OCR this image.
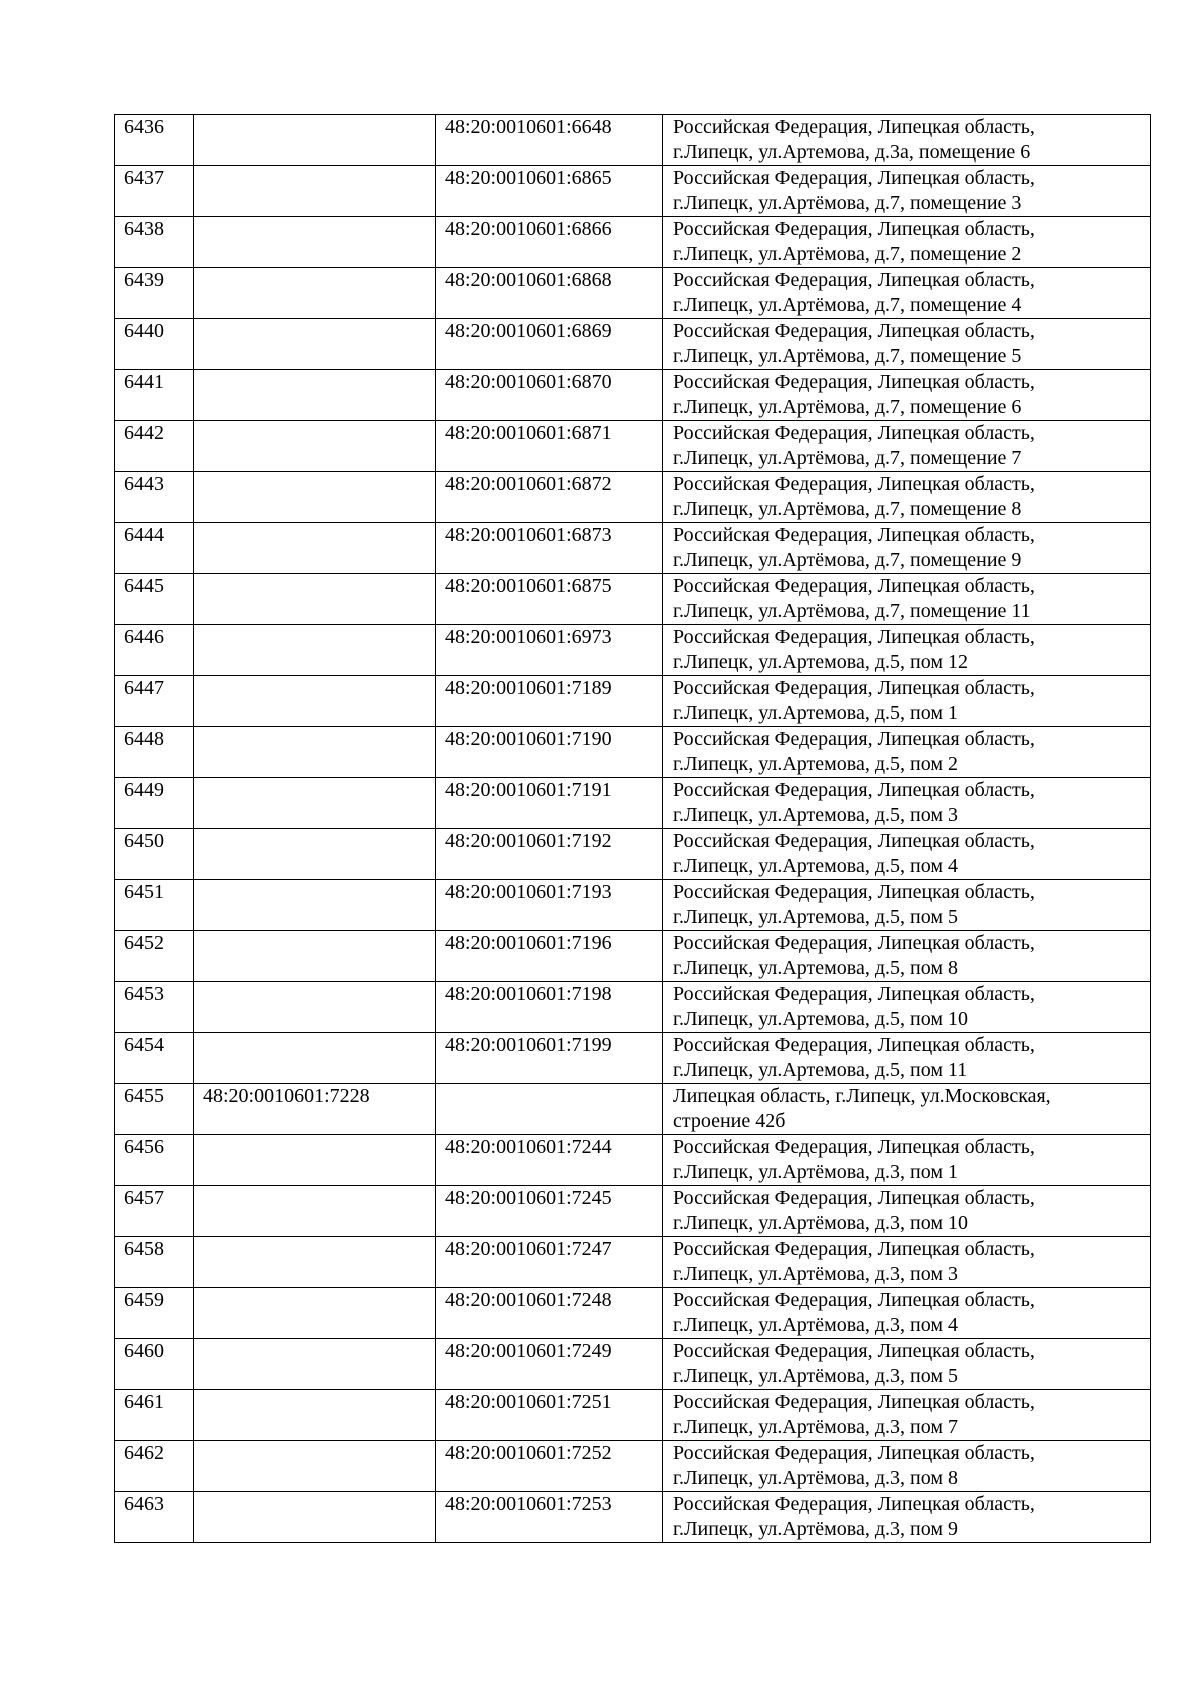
6436		48:20:0010601:6648	Российская Федерация, Липецкая область,
г.Липецк, ул.Артемова, д.3а, помещение 6

6437		48:20:0010601:6865	Российская Федерация, Липецкая область,
г.Липецк, ул.Артёмова, д.7, помещение 3

6438		48:20:0010601:6866	Российская Федерация, Липецкая область,
г.Липецк, ул.Артёмова, д.7, помещение 2

6439		48:20:0010601:6868	Российская Федерация, Липецкая область,
г.Липецк, ул.Артёмова, д.7, помещение 4

6440		48:20:0010601:6869	Российская Федерация, Липецкая область,
г.Липецк, ул.Артёмова, д.7, помещение 5

6441		48:20:0010601:6870	Российская Федерация, Липецкая область,
г.Липецк, ул.Артёмова, д.7, помещение 6

6442		48:20:0010601:6871	Российская Федерация, Липецкая область,
г.Липецк, ул.Артёмова, д.7, помещение 7

6443		48:20:0010601:6872	Российская Федерация, Липецкая область,
г.Липецк, ул.Артёмова, д.7, помещение 8

6444		48:20:0010601:6873	Российская Федерация, Липецкая область,
г.Липецк, ул.Артёмова, д.7, помещение 9

6445		48:20:0010601:6875	Российская Федерация, Липецкая область,
г.Липецк, ул.Артёмова, д.7, помещение 11

6446		48:20:0010601:6973	Российская Федерация, Липецкая область,
г.Липецк, ул.Артемова, д.5, пом 12

6447		48:20:0010601:7189	Российская Федерация, Липецкая область,
г.Липецк, ул.Артемова, д.5, пом 1

6448		48:20:0010601:7190	Российская Федерация, Липецкая область,
г.Липецк, ул.Артемова, д.5, пом 2

6449		48:20:0010601:7191	Российская Федерация, Липецкая область,
г.Липецк, ул.Артемова, д.5, пом 3

6450		48:20:0010601:7192	Российская Федерация, Липецкая область,
г.Липецк, ул.Артемова, д.5, пом 4

6451		48:20:0010601:7193	Российская Федерация, Липецкая область,
г.Липецк, ул.Артемова, д.5, пом 5

6452		48:20:0010601:7196	Российская Федерация, Липецкая область,
г.Липецк, ул.Артемова, д.5, пом 8

6453		48:20:0010601:7198	Российская Федерация, Липецкая область,
г.Липецк, ул.Артемова, д.5, пом 10

6454		48:20:0010601:7199	Российская Федерация, Липецкая область,
г.Липецк, ул.Артемова, д.5, пом 11

6455	48:20:0010601:7228		Липецкая область, г.Липецк, ул.Московская,
строение 42б

6456		48:20:0010601:7244	Российская Федерация, Липецкая область,
г.Липецк, ул.Артёмова, д.3, пом 1

6457		48:20:0010601:7245	Российская Федерация, Липецкая область,
г.Липецк, ул.Артёмова, д.3, пом 10

6458		48:20:0010601:7247	Российская Федерация, Липецкая область,
г.Липецк, ул.Артёмова, д.3, пом 3

6459		48:20:0010601:7248	Российская Федерация, Липецкая область,
г.Липецк, ул.Артёмова, д.3, пом 4

6460		48:20:0010601:7249	Российская Федерация, Липецкая область,
г.Липецк, ул.Артёмова, д.3, пом 5

6461		48:20:0010601:7251	Российская Федерация, Липецкая область,
г.Липецк, ул.Артёмова, д.3, пом 7

6462		48:20:0010601:7252	Российская Федерация, Липецкая область,
г.Липецк, ул.Артёмова, д.3, пом 8

6463		48:20:0010601:7253	Российская Федерация, Липецкая область,
г.Липецк, ул.Артёмова, д.3, пом 9
